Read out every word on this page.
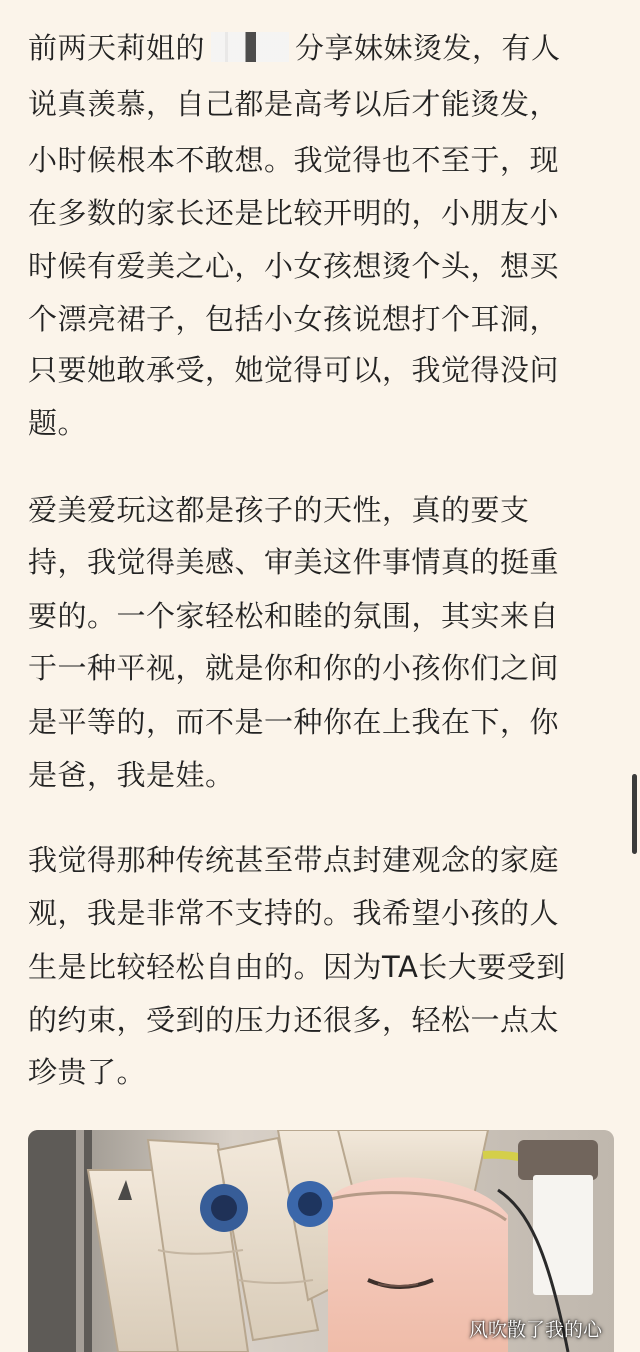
前两天莉姐的	分享妹妹烫发，有人
说真羡慕，自己都是高考以后才能烫发，
小时候根本不敢想。我觉得也不至于，现
在多数的家长还是比较开明的，小朋友小
时候有爱美之心，小女孩想烫个头，想买
个漂亮裙子，包括小女孩说想打个耳洞，
只要她敢承受，她觉得可以，我觉得没问
题。
爱美爱玩这都是孩子的天性，真的要支
持，我觉得美感、审美这件事情真的挺重
要的。一个家轻松和睦的氛围，其实来自
于一种平视，就是你和你的小孩你们之间
是平等的，而不是一种你在上我在下，你
是爸，我是娃。
我觉得那种传统甚至带点封建观念的家庭
观，我是非常不支持的。我希望小孩的人
生是比较轻松自由的。因为TA长大要受到
的约束，受到的压力还很多，轻松一点太
珍贵了。
风吹散了我的心
